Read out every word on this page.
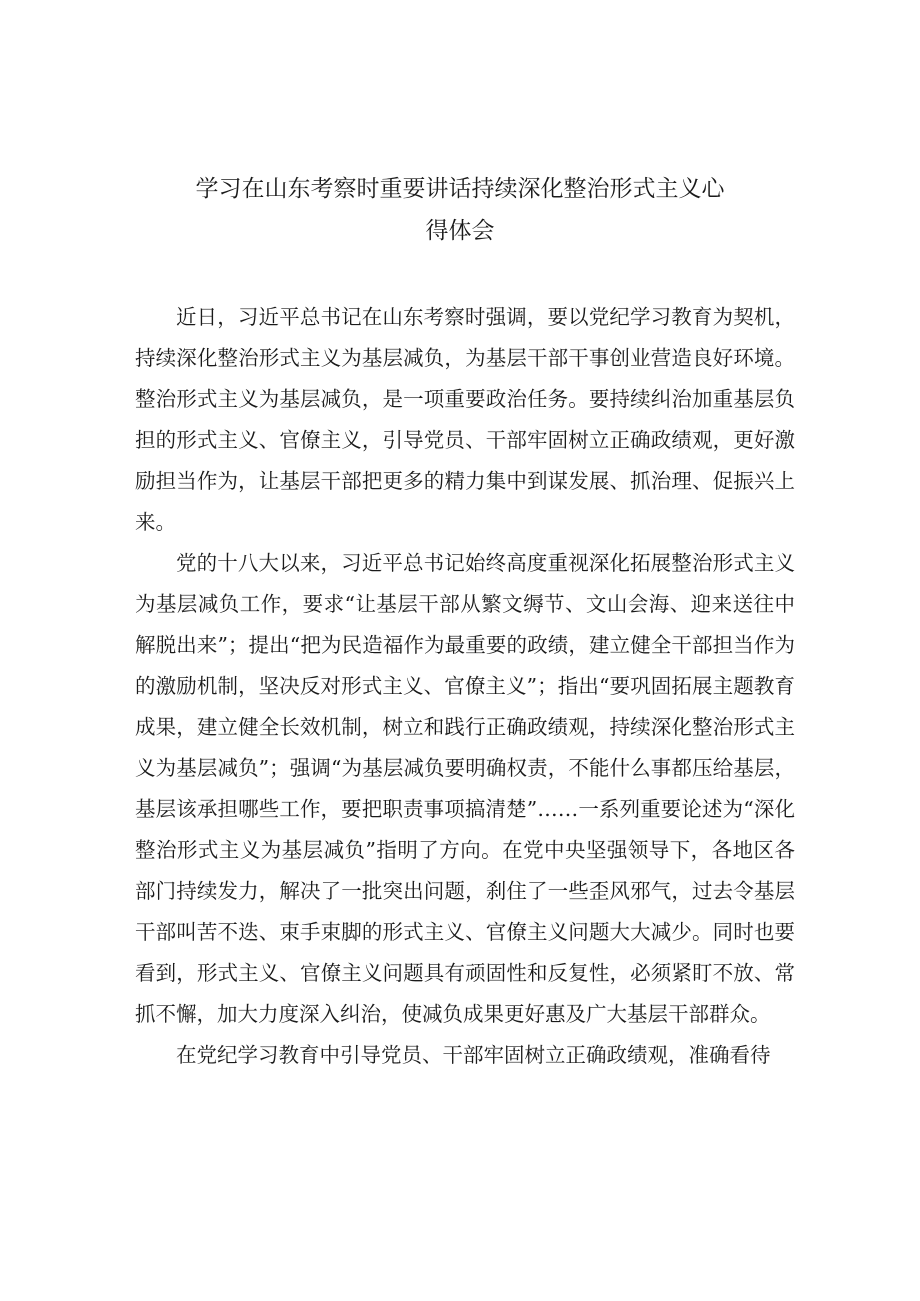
学习在山东考察时重要讲话持续深化整治形式主义心
得体会

近日，习近平总书记在山东考察时强调，要以党纪学习教育为契机，持续深化整治形式主义为基层减负，为基层干部干事创业营造良好环境。整治形式主义为基层减负，是一项重要政治任务。要持续纠治加重基层负担的形式主义、官僚主义，引导党员、干部牢固树立正确政绩观，更好激励担当作为，让基层干部把更多的精力集中到谋发展、抓治理、促振兴上来。

党的十八大以来，习近平总书记始终高度重视深化拓展整治形式主义为基层减负工作，要求“让基层干部从繁文缛节、文山会海、迎来送往中解脱出来”；提出“把为民造福作为最重要的政绩，建立健全干部担当作为的激励机制，坚决反对形式主义、官僚主义”；指出“要巩固拓展主题教育成果，建立健全长效机制，树立和践行正确政绩观，持续深化整治形式主义为基层减负”；强调“为基层减负要明确权责，不能什么事都压给基层，基层该承担哪些工作，要把职责事项搞清楚”……一系列重要论述为“深化整治形式主义为基层减负”指明了方向。在党中央坚强领导下，各地区各部门持续发力，解决了一批突出问题，刹住了一些歪风邪气，过去令基层干部叫苦不迭、束手束脚的形式主义、官僚主义问题大大减少。同时也要看到，形式主义、官僚主义问题具有顽固性和反复性，必须紧盯不放、常抓不懈，加大力度深入纠治，使减负成果更好惠及广大基层干部群众。

在党纪学习教育中引导党员、干部牢固树立正确政绩观，准确看待
